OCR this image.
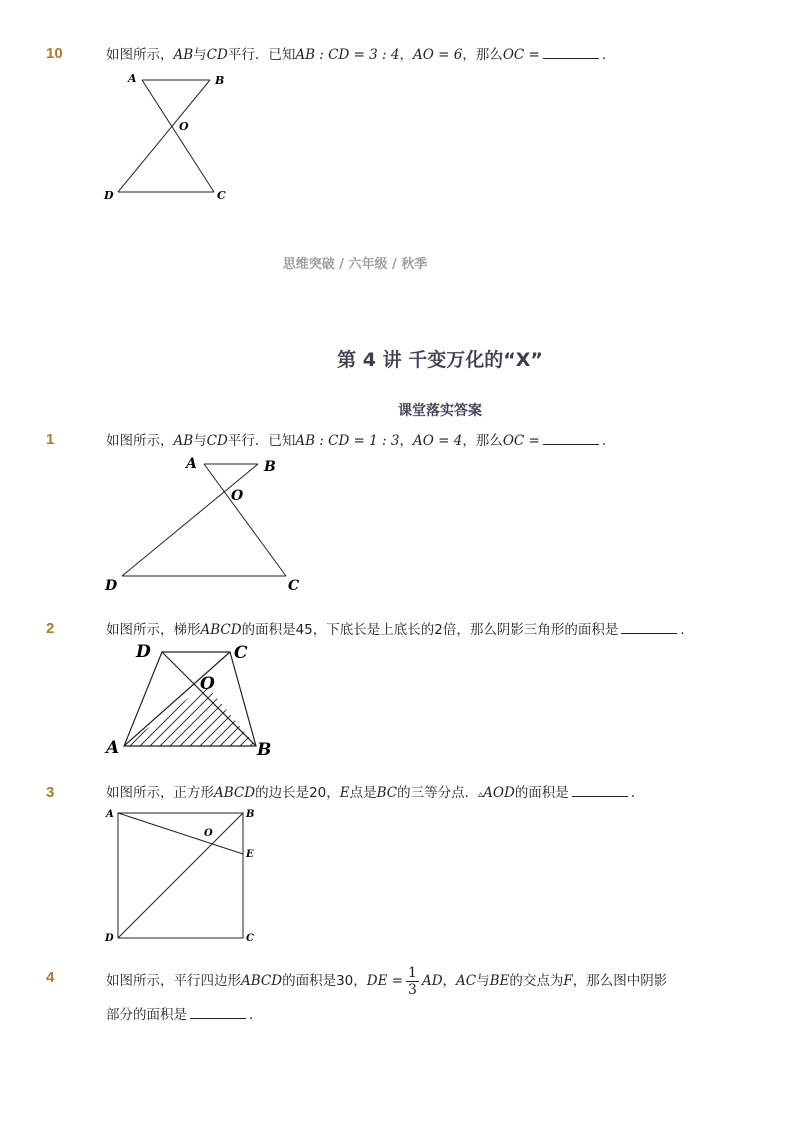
10	如图所示，AB与CD平行．已知AB : CD = 3 : 4，AO = 6，那么OC =	．
A	B
O
D	C
思维突破 / 六年级 / 秋季
第 4 讲 千变万化的“X”
课堂落实答案
1	如图所示，AB与CD平行．已知AB : CD = 1 : 3，AO = 4，那么OC =	．
A	B
O
D	C
2	如图所示，梯形ABCD的面积是45，下底长是上底长的2倍，那么阴影三角形的面积是	．
D	C
O
A	B
3	如图所示，正方形ABCD的边长是20，E点是BC的三等分点．▵AOD的面积是	．
A	B
O
E
D	C
4	如图所示，平行四边形ABCD的面积是30，DE = $\frac{1}{3}$ AD，AC与BE的交点为F，那么图中阴影
部分的面积是	．
